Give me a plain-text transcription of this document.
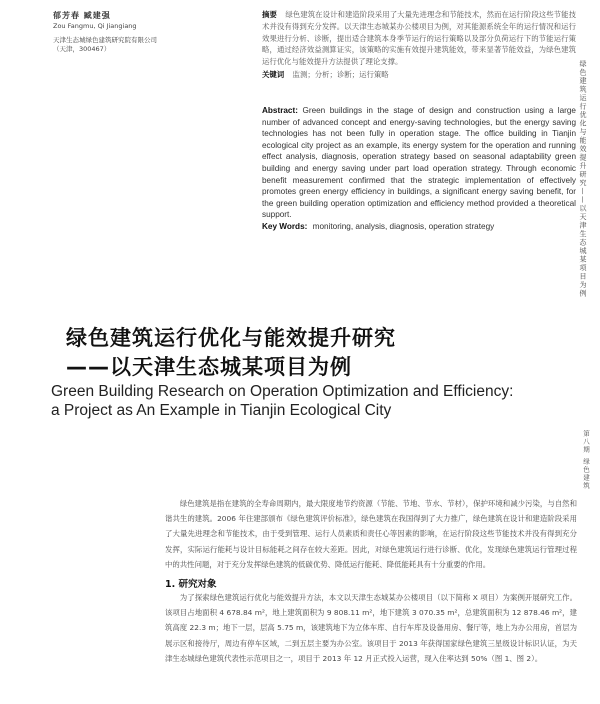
郁芳春 臧建强
Zou Fangmu, Qi Jiangiang
天津生态城绿色建筑研究院有限公司
（天津，300467）
摘要 绿色建筑在设计和建造阶段采用了大量先进理念和节能技术，然而在运行阶段这些节能技术并没有得到充分发挥。以天津生态城某办公楼项目为例，对其能源系统全年的运行情况和运行效果进行分析、诊断，提出适合建筑本身季节运行的运行策略以及部分负荷运行下的节能运行策略，通过经济效益测算证实，该策略的实施有效提升建筑能效，带来显著节能效益，为绿色建筑运行优化与能效提升方法提供了理论支撑。
关键词 监测；分析；诊断；运行策略
Abstract: Green buildings in the stage of design and construction using a large number of advanced concept and energy-saving technologies, but the energy saving technologies has not been fully in operation stage. The office building in Tianjin ecological city project as an example, its energy system for the operation and running effect analysis, diagnosis, operation strategy based on seasonal adaptability green building and energy saving under part load operation strategy. Through economic benefit measurement confirmed that the strategic implementation of effectively promotes green energy efficiency in buildings, a significant energy saving benefit, for the green building operation optimization and efficiency method provided a theoretical support.
Key Words: monitoring, analysis, diagnosis, operation strategy	绿色建筑运行优化与能效提升研究——以天津生态城某项目为例
第八期 绿色建筑
绿色建筑运行优化与能效提升研究
——以天津生态城某项目为例
Green Building Research on Operation Optimization and Efficiency:
a Project as An Example in Tianjin Ecological City
绿色建筑是指在建筑的全寿命周期内，最大限度地节约资源（节能、节地、节水、节材），保护环境和减少污染，与自然和谐共生的建筑。2006 年住建部颁布《绿色建筑评价标准》，绿色建筑在我国得到了大力推广，绿色建筑在设计和建造阶段采用了大量先进理念和节能技术，由于受到管理、运行人员素质和责任心等因素的影响，在运行阶段这些节能技术并没有得到充分发挥，实际运行能耗与设计目标能耗之间存在较大差距。因此，对绿色建筑运行进行诊断、优化，发现绿色建筑运行管理过程中的共性问题，对于充分发挥绿色建筑的低碳优势、降低运行能耗、降低能耗具有十分重要的作用。
1. 研究对象
为了探索绿色建筑运行优化与能效提升方法，本文以天津生态城某办公楼项目（以下简称 X 项目）为案例开展研究工作。该项目占地面积 4 678.84 m²，地上建筑面积为 9 808.11 m²，地下建筑 3 070.35 m²，总建筑面积为 12 878.46 m²，建筑高度 22.3 m；地下一层，层高 5.75 m，该建筑地下为立体车库、自行车库及设备用房、餐厅等，地上为办公用房，首层为展示区和接待厅，周边有停车区域，二到五层主要为办公室。该项目于 2013 年获得国家绿色建筑三星级设计标识认证，为天津生态城绿色建筑代表性示范项目之一，项目于 2013 年 12 月正式投入运营，现入住率达到 50%（图 1、图 2）。
